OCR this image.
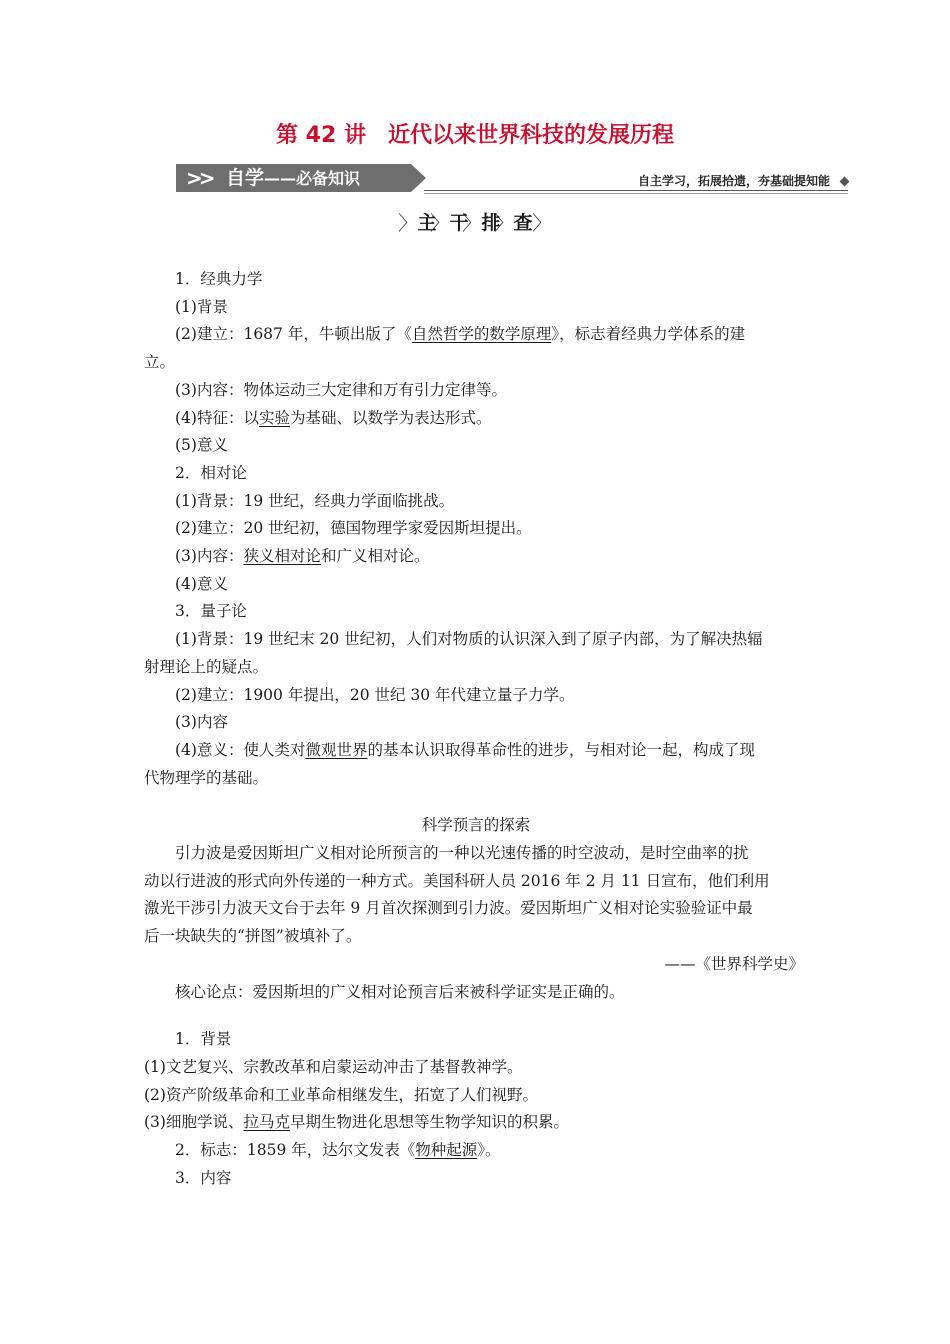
第 42 讲 近代以来世界科技的发展历程
>> 自学——必备知识	自主学习，拓展拾遗，夯基础提知能
〉 主 〉 干 〉 排 〉 查 〉

1．经典力学

(1)背景

(2)建立：1687 年，牛顿出版了《自然哲学的数学原理》，标志着经典力学体系的建

立。

(3)内容：物体运动三大定律和万有引力定律等。

(4)特征：以实验为基础、以数学为表达形式。

(5)意义

2．相对论

(1)背景：19 世纪，经典力学面临挑战。

(2)建立：20 世纪初，德国物理学家爱因斯坦提出。

(3)内容：狭义相对论和广义相对论。

(4)意义

3．量子论

(1)背景：19 世纪末 20 世纪初，人们对物质的认识深入到了原子内部，为了解决热辐

射理论上的疑点。

(2)建立：1900 年提出，20 世纪 30 年代建立量子力学。

(3)内容

(4)意义：使人类对微观世界的基本认识取得革命性的进步，与相对论一起，构成了现

代物理学的基础。

科学预言的探索

引力波是爱因斯坦广义相对论所预言的一种以光速传播的时空波动，是时空曲率的扰

动以行进波的形式向外传递的一种方式。美国科研人员 2016 年 2 月 11 日宣布，他们利用

激光干涉引力波天文台于去年 9 月首次探测到引力波。爱因斯坦广义相对论实验验证中最

后一块缺失的“拼图”被填补了。

——《世界科学史》

核心论点：爱因斯坦的广义相对论预言后来被科学证实是正确的。

1．背景

(1)文艺复兴、宗教改革和启蒙运动冲击了基督教神学。

(2)资产阶级革命和工业革命相继发生，拓宽了人们视野。

(3)细胞学说、拉马克早期生物进化思想等生物学知识的积累。

2．标志：1859 年，达尔文发表《物种起源》。

3．内容
